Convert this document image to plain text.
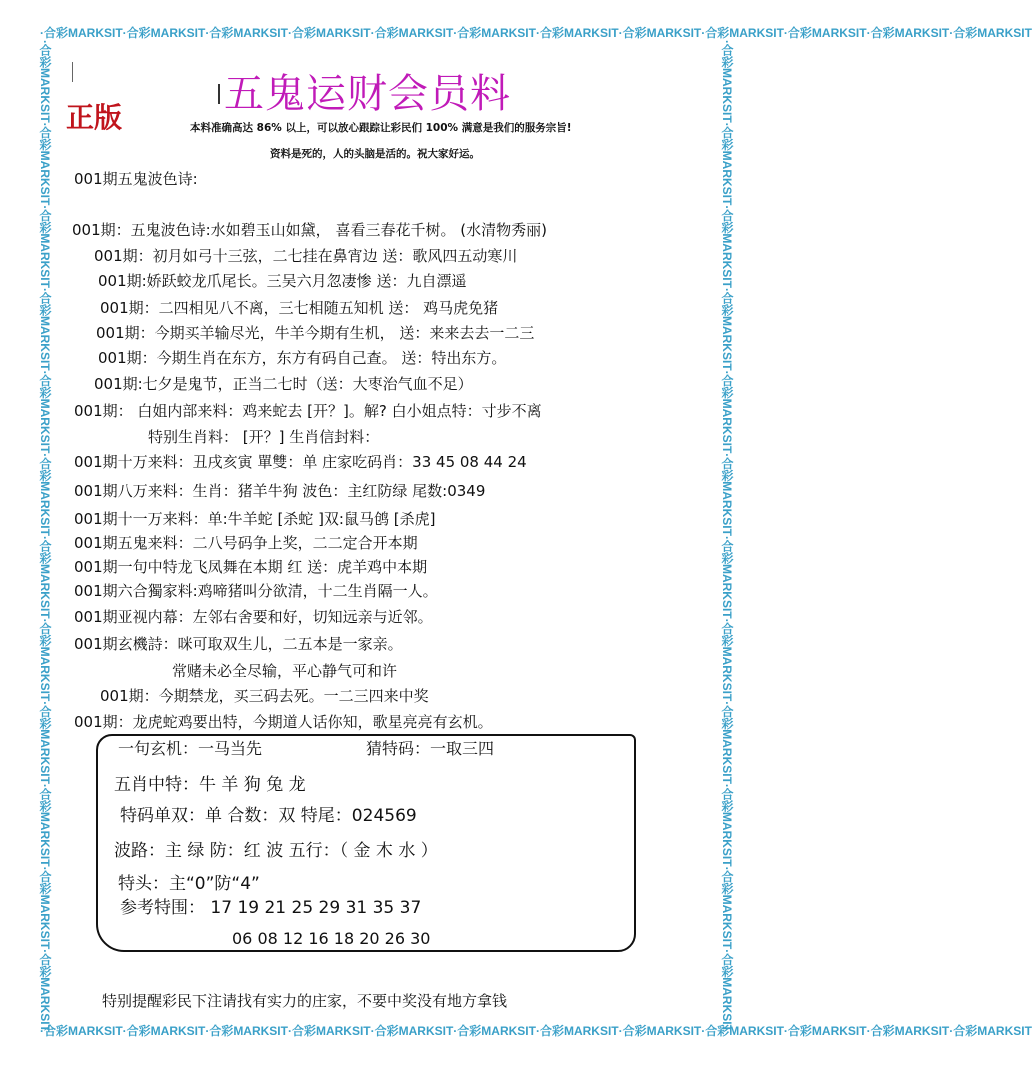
·合彩MARKSIT·合彩MARKSIT·合彩MARKSIT·合彩MARKSIT·合彩MARKSIT·合彩MARKSIT·合彩MARKSIT·合彩MARKSIT·合彩MARKSIT·合彩MARKSIT·合彩MARKSIT·合彩MARKSIT
·合彩MARKSIT·合彩MARKSIT·合彩MARKSIT·合彩MARKSIT·合彩MARKSIT·合彩MARKSIT·合彩MARKSIT·合彩MARKSIT·合彩MARKSIT·合彩MARKSIT·合彩MARKSIT·合彩MARKSIT
·合彩MARKSIT·合彩MARKSIT·合彩MARKSIT·合彩MARKSIT·合彩MARKSIT·合彩MARKSIT·合彩MARKSIT·合彩MARKSIT·合彩MARKSIT·合彩MARKSIT·合彩MARKSIT·合彩MARKSIT	·合彩MARKSIT·合彩MARKSIT·合彩MARKSIT·合彩MARKSIT·合彩MARKSIT·合彩MARKSIT·合彩MARKSIT·合彩MARKSIT·合彩MARKSIT·合彩MARKSIT·合彩MARKSIT·合彩MARKSIT
五鬼运财会员料
正版	本料准确高达 86% 以上，可以放心跟踪让彩民们 100% 满意是我们的服务宗旨!
资料是死的，人的头脑是活的。祝大家好运。
001期五鬼波色诗:
001期：五鬼波色诗:水如碧玉山如黛， 喜看三春花千树。 (水清物秀丽)
001期：初月如弓十三弦，二七挂在鼻宵边 送：歌风四五动寒川
001期:娇跃蛟龙爪尾长。三吴六月忽凄惨 送：九自漂遥
001期：二四相见八不离，三七相随五知机 送： 鸡马虎免猪
001期：今期买羊输尽光，牛羊今期有生机， 送：来来去去一二三
001期：今期生肖在东方，东方有码自己查。 送：特出东方。
001期:七夕是鬼节，正当二七时（送：大枣治气血不足）
001期： 白姐内部来料：鸡来蛇去 [开？]。解? 白小姐点特：寸步不离
特别生肖料： [开？] 生肖信封料：
001期十万来料：丑戌亥寅 單雙：单 庄家吃码肖：33 45 08 44 24
001期八万来料：生肖：猪羊牛狗 波色：主红防绿 尾数:0349
001期十一万来料：单:牛羊蛇 [杀蛇 ]双:鼠马鸧 [杀虎]
001期五鬼来料：二八号码争上奖，二二定合开本期
001期一句中特龙飞凤舞在本期 红 送：虎羊鸡中本期
001期六合獨家料:鸡啼猪叫分欲清，十二生肖隔一人。
001期亚视内幕：左邻右舍要和好，切知远亲与近邻。
001期玄機詩：咪可取双生儿，二五本是一家亲。
常赌未必全尽输，平心静气可和许
001期：今期禁龙，买三码去死。一二三四来中奖
001期：龙虎蛇鸡要出特，今期道人话你知，歌星亮亮有玄机。
一句玄机：一马当先	猜特码：一取三四
五肖中特：牛 羊 狗 兔 龙
特码单双：单 合数：双 特尾：024569
波路：主 绿 防：红 波 五行：（ 金 木 水 ）
特头：主“0”防“4”
参考特围： 17 19 21 25 29 31 35 37
06 08 12 16 18 20 26 30
特别提醒彩民下注请找有实力的庄家，不要中奖没有地方拿钱
